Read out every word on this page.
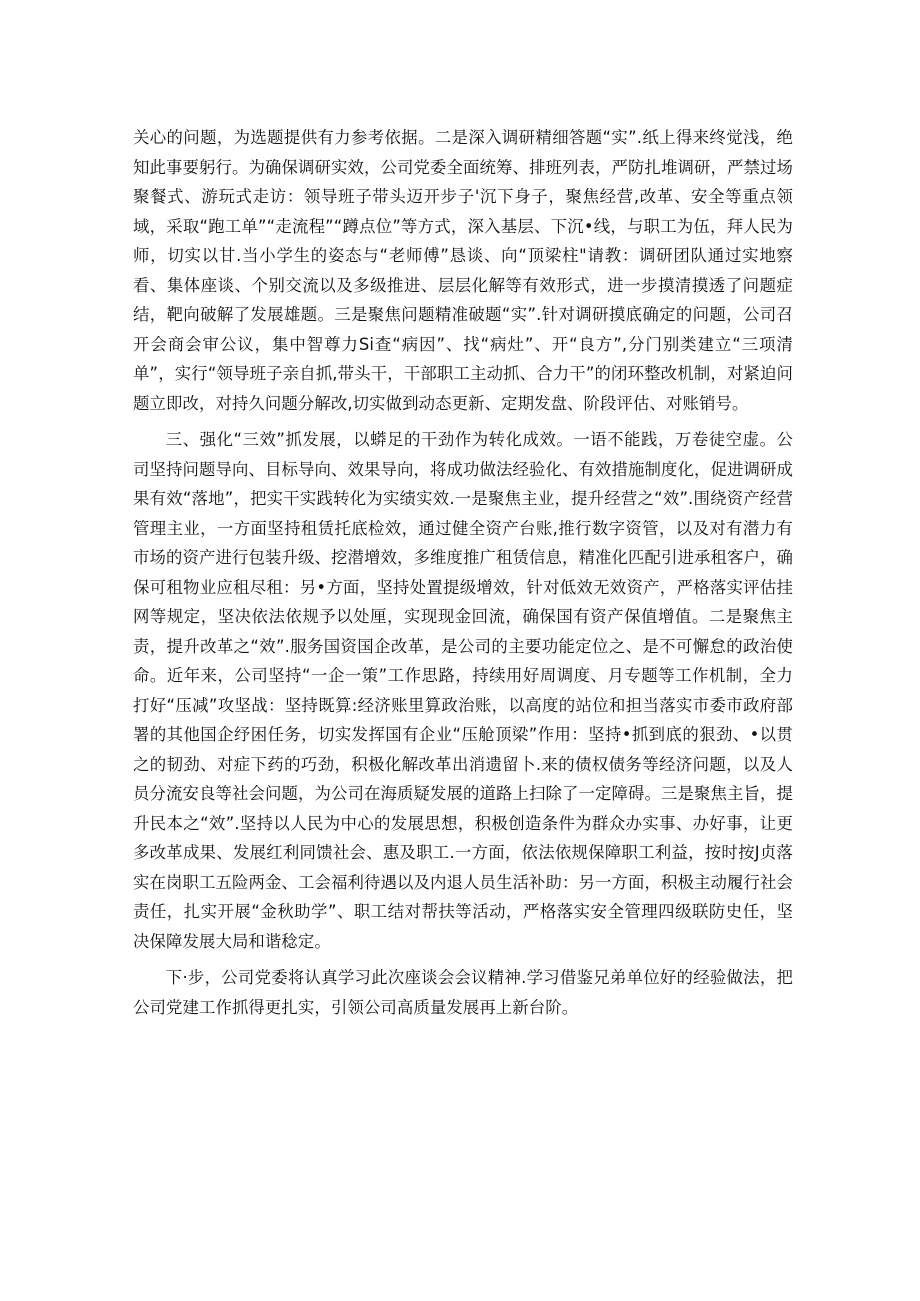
关心的问题，为选题提供有力参考依据。二是深入调研精细答题“实”.纸上得来终觉浅，绝知此事要躬行。为确保调研实效，公司党委全面统筹、排班列表，严防扎堆调研，严禁过场聚餐式、游玩式走访：领导班子带头迈开步子'沉下身子，聚焦经营,改革、安全等重点领域，采取“跑工单”“走流程”“蹲点位”等方式，深入基层、下沉•线，与职工为伍，拜人民为师，切实以甘.当小学生的姿态与“老师傅”恳谈、向“顶梁柱"请教：调研团队通过实地察看、集体座谈、个别交流以及多级推进、层层化解等有效形式，进一步摸清摸透了问题症结，靶向破解了发展雄题。三是聚焦问题精准破题“实”.针对调研摸底确定的问题，公司召开会商会审公议，集中智尊力Si查“病因”、找“病灶”、开“良方”,分门别类建立“三项清单”，实行“领导班子亲自抓,带头干，干部职工主动抓、合力干”的闭环整改机制，对紧迫问题立即改，对持久问题分解改,切实做到动态更新、定期发盘、阶段评估、对账销号。

三、强化“三效”抓发展，以蟒足的干劲作为转化成效。一语不能践，万卷徒空虚。公司坚持问题导向、目标导向、效果导向，将成功做法经验化、有效措施制度化，促进调研成果有效“落地”，把实干实践转化为实绩实效.一是聚焦主业，提升经营之“效”.围绕资产经营管理主业，一方面坚持租赁托底检效，通过健全资产台账,推行数字资管，以及对有潜力有市场的资产进行包装升级、挖潜增效，多维度推广租赁信息，精准化匹配引进承租客户，确保可租物业应租尽租：另•方面，坚持处置提级增效，针对低效无效资产，严格落实评估挂网等规定，坚决依法依规予以处厘，实现现金回流，确保国有资产保值增值。二是聚焦主责，提升改革之“效”.服务国资国企改革，是公司的主要功能定位之、是不可懈怠的政治使命。近年来，公司坚持“一企一策”工作思路，持续用好周调度、月专题等工作机制，全力打好“压减”攻坚战：坚持既算:经济账里算政治账，以高度的站位和担当落实市委市政府部署的其他国企纾困任务，切实发挥国有企业“压舱顶梁”作用：坚持•抓到底的狠劲、•以贯之的韧劲、对症下药的巧劲，积极化解改革出消遗留卜.来的债权债务等经济问题，以及人员分流安良等社会问题，为公司在海质疑发展的道路上扫除了一定障碍。三是聚焦主旨，提升民本之“效”.坚持以人民为中心的发展思想，积极创造条件为群众办实事、办好事，让更多改革成果、发展红利同馈社会、惠及职工.一方面，依法依规保障职工利益，按时按J贞落实在岗职工五险两金、工会福利待遇以及内退人员生活补助：另一方面，积极主动履行社会责任，扎实开展“金秋助学”、职工结对帮扶等活动，严格落实安全管理四级联防史任，坚决保障发展大局和谐稔定。

下·步，公司党委将认真学习此次座谈会会议精神.学习借鉴兄弟单位好的经验做法，把公司党建工作抓得更扎实，引领公司高质量发展再上新台阶。
